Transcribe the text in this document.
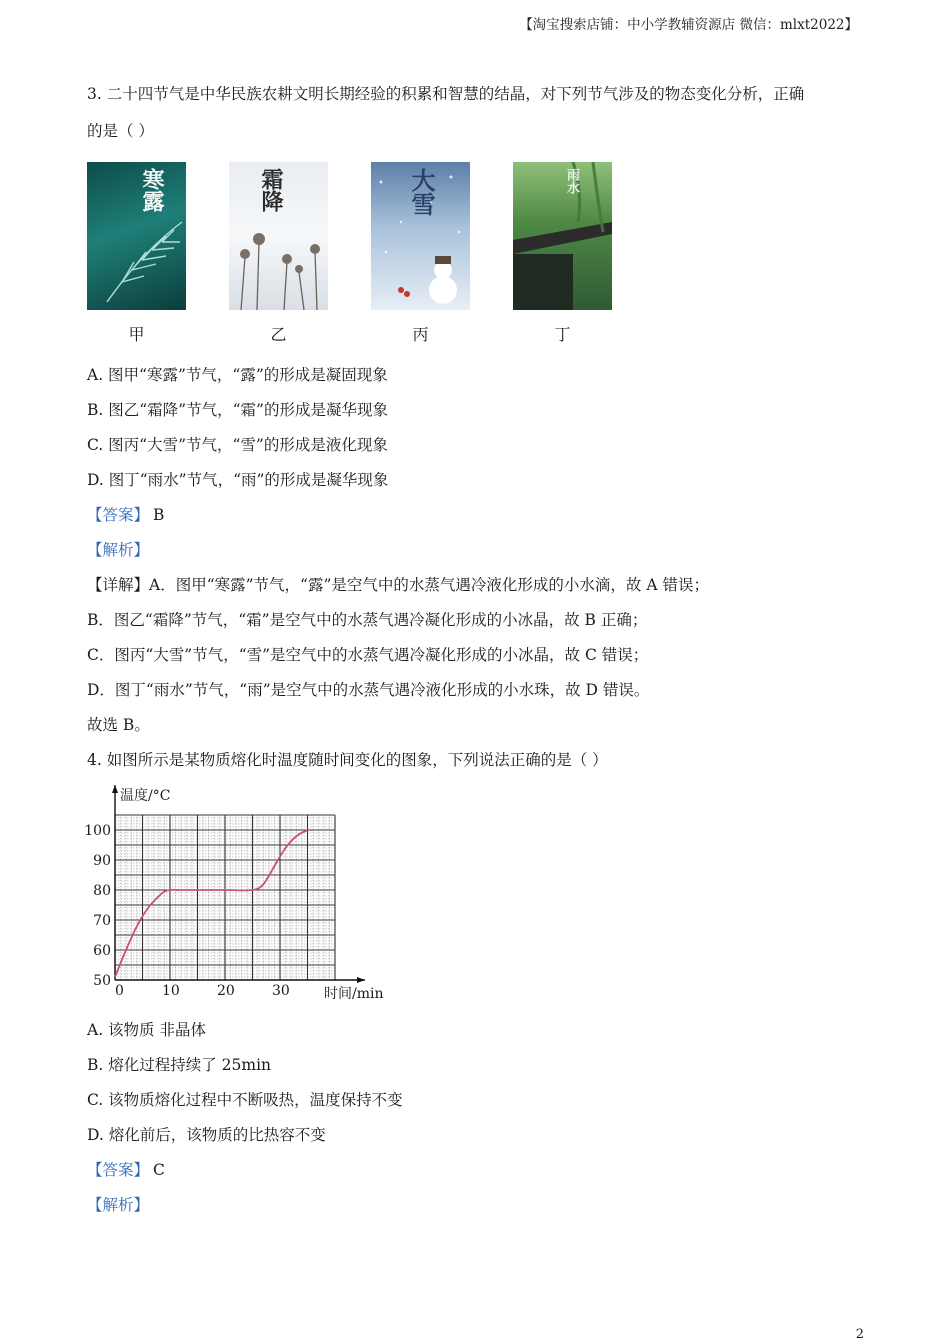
【淘宝搜索店铺：中小学教辅资源店 微信：mlxt2022】
3. 二十四节气是中华民族农耕文明长期经验的积累和智慧的结晶，对下列节气涉及的物态变化分析，正确
的是（ ）
寒露	霜降	大雪	雨水
甲	乙	丙	丁
A. 图甲“寒露”节气，“露”的形成是凝固现象
B. 图乙“霜降”节气，“霜”的形成是凝华现象
C. 图丙“大雪”节气，“雪”的形成是液化现象
D. 图丁“雨水”节气，“雨”的形成是凝华现象
【答案】 B
【解析】
【详解】A．图甲“寒露”节气，“露”是空气中的水蒸气遇冷液化形成的小水滴，故 A 错误；
B．图乙“霜降”节气，“霜”是空气中的水蒸气遇冷凝化形成的小冰晶，故 B 正确；
C．图丙“大雪”节气，“雪”是空气中的水蒸气遇冷凝化形成的小冰晶，故 C 错误；
D．图丁“雨水”节气，“雨”是空气中的水蒸气遇冷液化形成的小水珠，故 D 错误。
故选 B。
4. 如图所示是某物质熔化时温度随时间变化的图象，下列说法正确的是（ ）
0	10	20	30
50
60
70
80
90
100
温度/°C
时间/min
A. 该物质 非晶体
B. 熔化过程持续了 25min
C. 该物质熔化过程中不断吸热，温度保持不变
D. 熔化前后，该物质的比热容不变
【答案】 C
【解析】
2
